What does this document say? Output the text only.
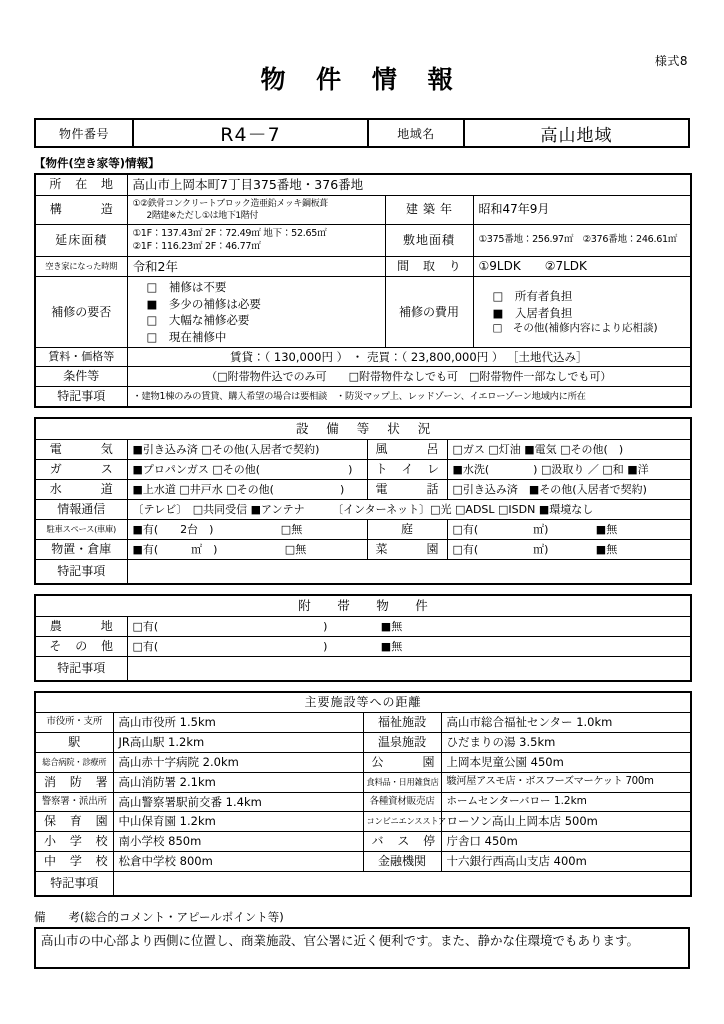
様式8
物 件 情 報
物件番号	R4－7	地域名	高山地域
【物件(空き家等)情報】
所 在 地	高山市上岡本町7丁目375番地・376番地		
構　　造	①②鉄骨コンクリートブロック造亜鉛メッキ鋼板葺
2階建※ただし①は地下1階付	建築年	昭和47年9月
延床面積	①1F：137.43㎡ 2F：72.49㎡ 地下：52.65㎡
②1F：116.23㎡ 2F：46.77㎡	敷地面積	①375番地：256.97㎡　②376番地：246.61㎡
空き家になった時期	令和2年	間 取 り	①9LDK　　②7LDK
補修の要否	
□　 補修は不要
■　 多少の補修は必要
□　 大幅な補修必要
□　 現在補修中
	補修の費用	
□　 所有者負担
■　 入居者負担
□　 その他(補修内容により応相談)

賃料・価格等	賃貸：（ 130,000円 ） ・ 売買：（ 23,800,000円 ） ［土地代込み］		
条件等	（□附帯物件込でのみ可　　□附帯物件なしでも可　□附帯物件一部なしでも可）		
特記事項	・建物1棟のみの賃貸、購入希望の場合は要相談　・防災マップ上、レッドゾーン、イエローゾーン地域内に所在		
設 備 等 状 況			
電　　気	■引き込み済 □その他(入居者で契約)	風　　呂	□ガス □灯油 ■電気 □その他(　)
ガ　　ス	■プロパンガス □その他(　　　　　　　　)	ト イ レ	■水洗(　　　　) □汲取り ／ □和 ■洋
水　　道	■上水道 □井戸水 □その他(　　　　　　)	電　　話	□引き込み済　■その他(入居者で契約)
情報通信	〔テレビ〕　□共同受信 ■アンテナ　　　〔インターネット〕□光 □ADSL □ISDN ■環境なし		
駐車スペース(車庫)	■有(　　2台　) □無	庭	□有(　　　　　㎡) ■無
物置・倉庫	■有(　　　㎡　) □無	菜　　園	□有(　　　　　㎡) ■無
特記事項			
附　帯　物　件	
農　　地	□有(　　　　　　　　　　　　　　　) ■無
そ の 他	□有(　　　　　　　　　　　　　　　) ■無
特記事項	
主要施設等への距離			
市役所・支所	高山市役所 1.5km	福祉施設	高山市総合福祉センター 1.0km
駅	JR高山駅 1.2km	温泉施設	ひだまりの湯 3.5km
総合病院・診療所	高山赤十字病院 2.0km	公　　園	上岡本児童公園 450m
消 防 署	高山消防署 2.1km	食料品・日用雑貨店	駿河屋アスモ店・ボスフーズマーケット 700m
警察署・派出所	高山警察署駅前交番 1.4km	各種資材販売店	ホームセンターバロー 1.2km
保 育 園	中山保育園 1.2km	コンビニエンスストア	ローソン高山上岡本店 500m
小 学 校	南小学校 850m	バ ス 停	庁舎口 450m
中 学 校	松倉中学校 800m	金融機関	十六銀行西高山支店 400m
特記事項			
備　　考(総合的コメント・アピールポイント等)
高山市の中心部より西側に位置し、商業施設、官公署に近く便利です。また、静かな住環境でもあります。
